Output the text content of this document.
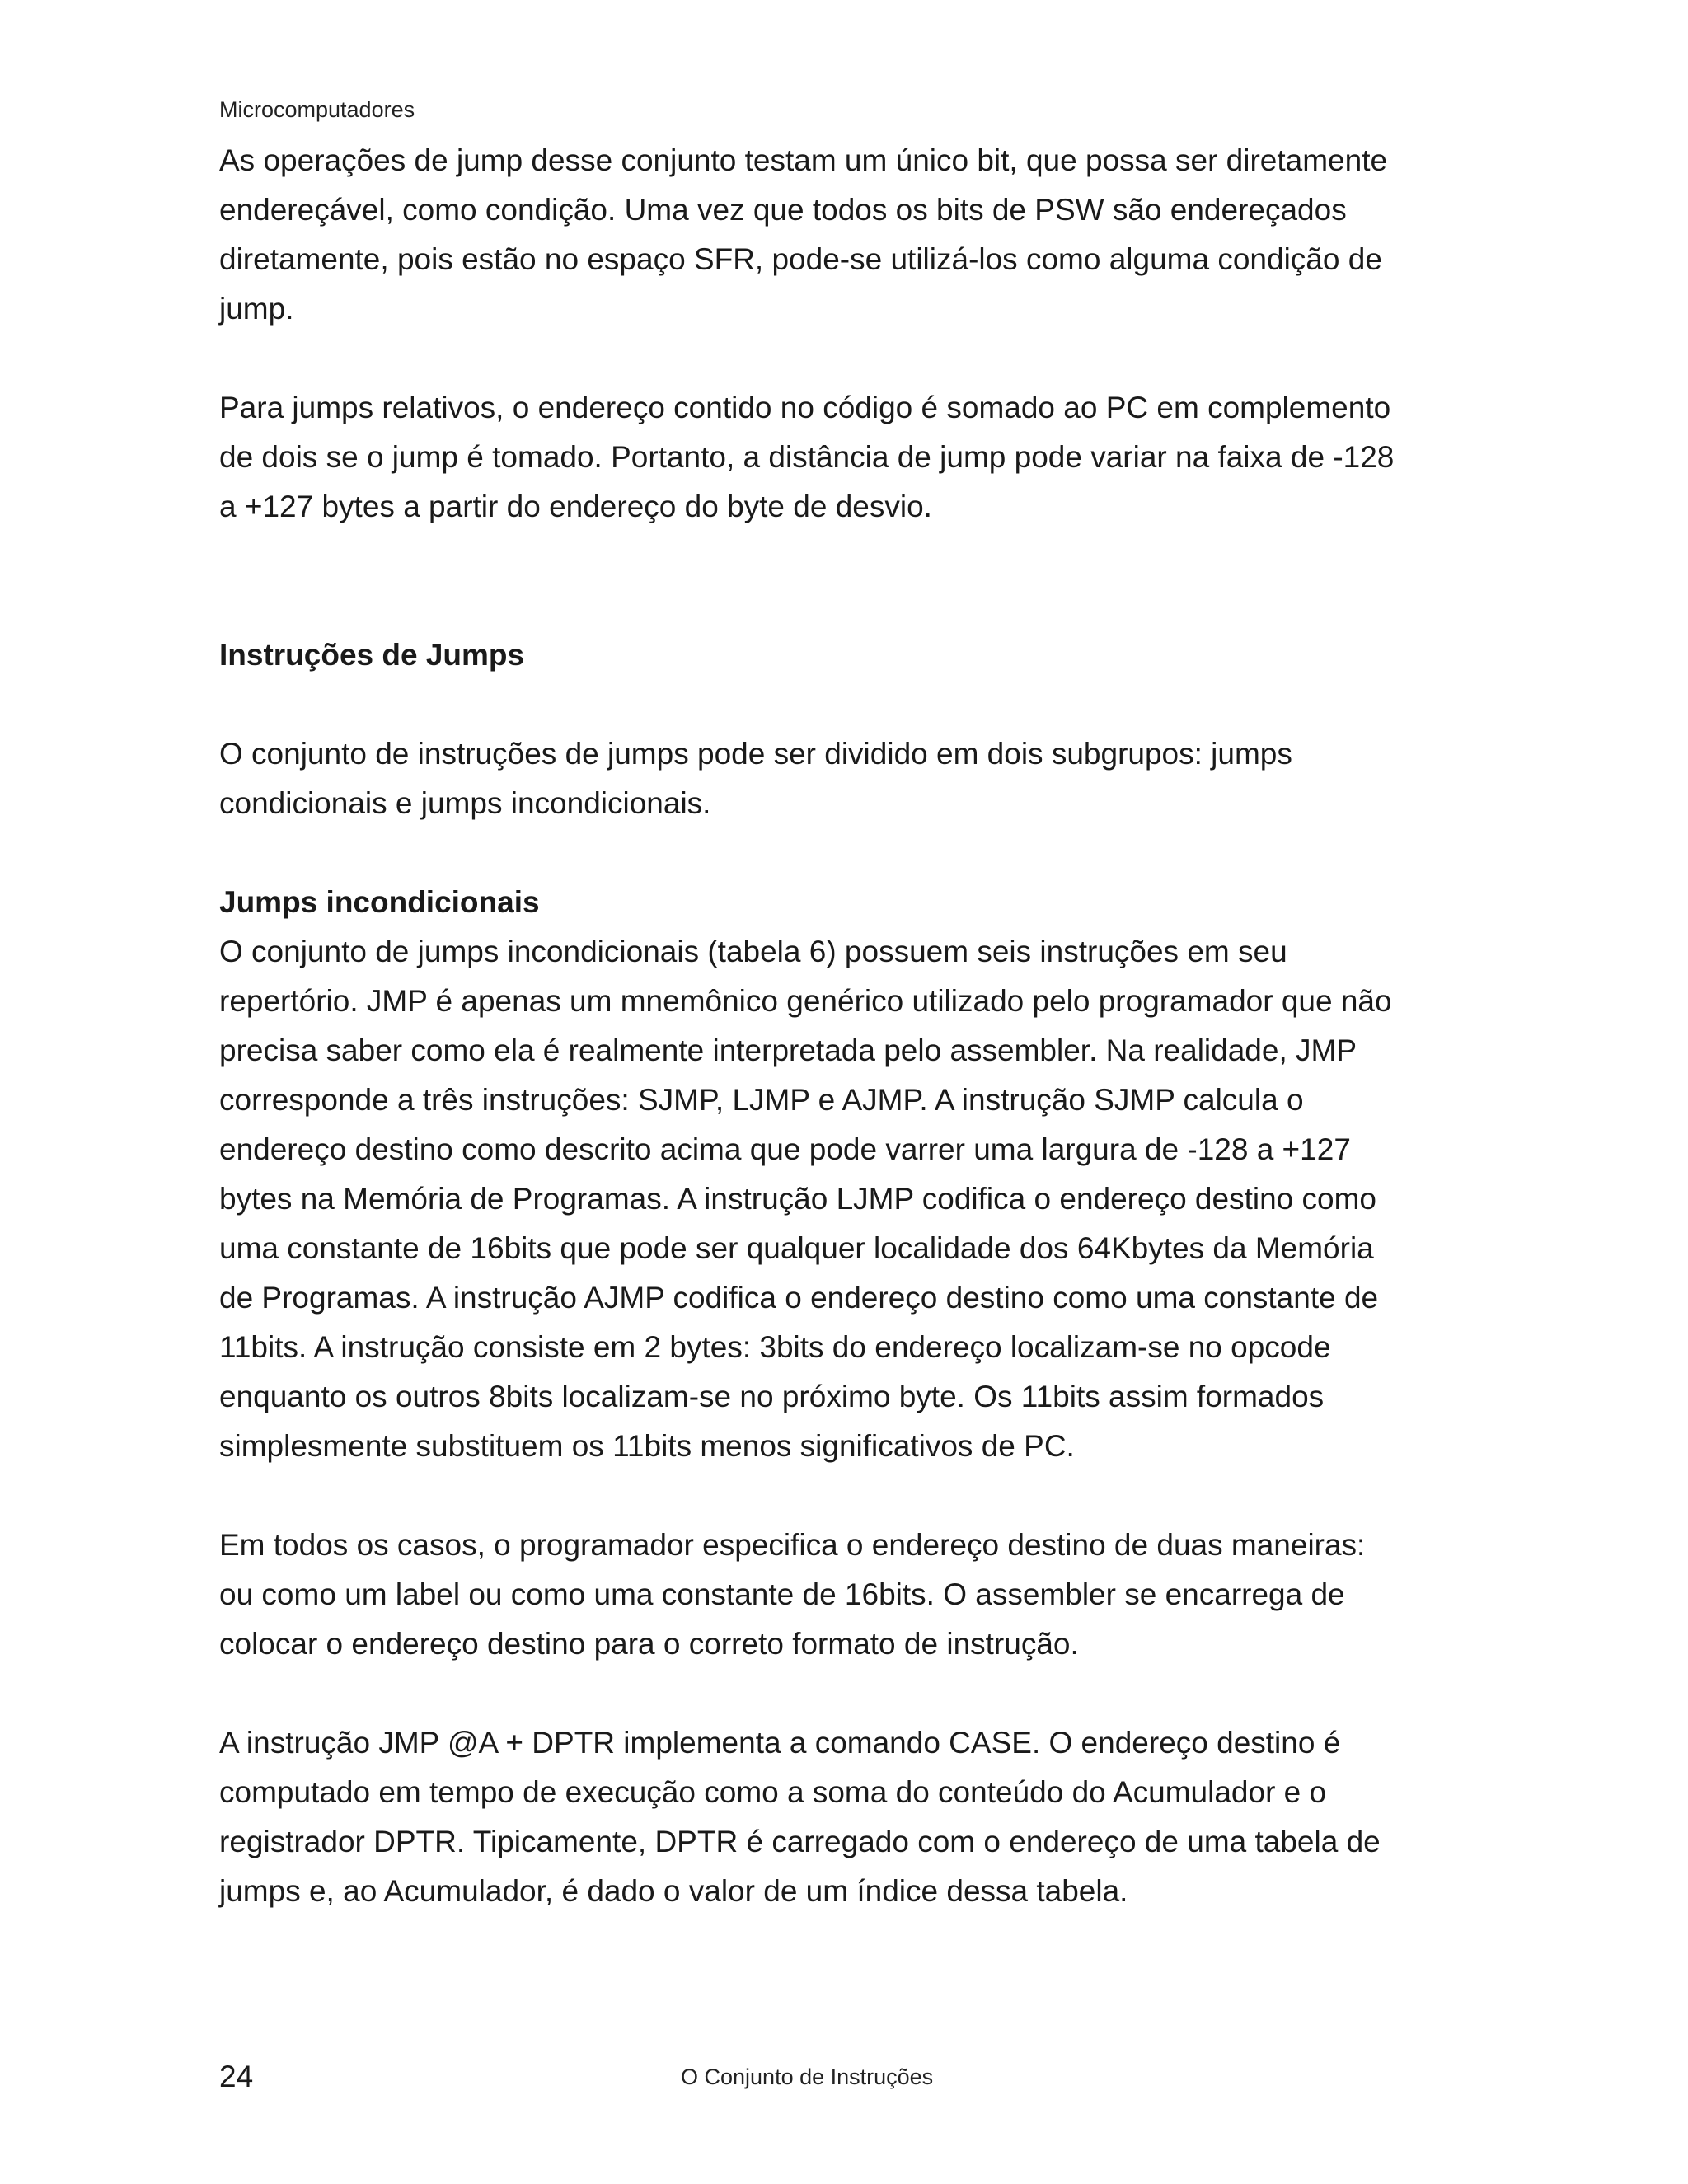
Microcomputadores

As operações de jump desse conjunto testam um único bit, que possa ser diretamente endereçável, como condição. Uma vez que todos os bits de PSW são endereçados diretamente, pois estão no espaço SFR, pode-se utilizá-los como alguma condição de jump.

Para jumps relativos, o endereço contido no código é somado ao PC em complemento de dois se o jump é tomado. Portanto, a distância de jump pode variar na faixa de -128 a +127 bytes a partir do endereço do byte de desvio.

Instruções de Jumps

O conjunto de instruções de jumps pode ser dividido em dois subgrupos: jumps condicionais e jumps incondicionais.

Jumps incondicionais

O conjunto de jumps incondicionais (tabela 6) possuem seis instruções em seu repertório. JMP é apenas um mnemônico genérico utilizado pelo programador que não precisa saber como ela é realmente interpretada pelo assembler. Na realidade, JMP corresponde a três instruções: SJMP, LJMP e AJMP. A instrução SJMP calcula o endereço destino como descrito acima que pode varrer uma largura de -128 a +127 bytes na Memória de Programas. A instrução LJMP codifica o endereço destino como uma constante de 16bits que pode ser qualquer localidade dos 64Kbytes da Memória de Programas. A instrução AJMP codifica o endereço destino como uma constante de 11bits. A instrução consiste em 2 bytes: 3bits do endereço localizam-se no opcode enquanto os outros 8bits localizam-se no próximo byte. Os 11bits assim formados simplesmente substituem os 11bits menos significativos de PC.

Em todos os casos, o programador especifica o endereço destino de duas maneiras: ou como um label ou como uma constante de 16bits. O assembler se encarrega de colocar o endereço destino para o correto formato de instrução.

A instrução JMP @A + DPTR implementa a comando CASE. O endereço destino é computado em tempo de execução como a soma do conteúdo do Acumulador e o registrador DPTR. Tipicamente, DPTR é carregado com o endereço de uma tabela de jumps e, ao Acumulador, é dado o valor de um índice dessa tabela.

24	O Conjunto de Instruções
